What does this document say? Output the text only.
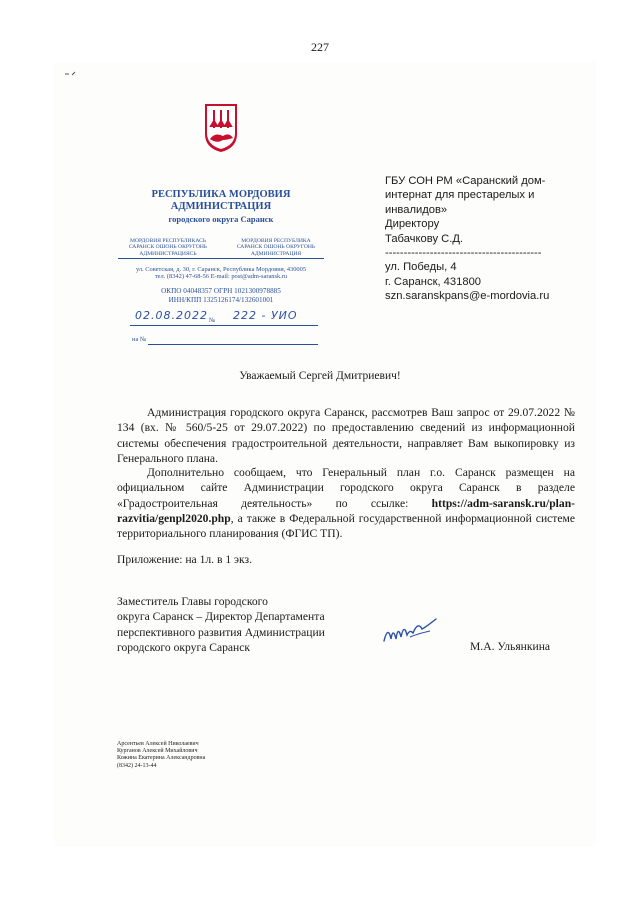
227
РЕСПУБЛИКА МОРДОВИЯ
АДМИНИСТРАЦИЯ
городского округа Саранск
МОРДОВИЯ РЕСПУБЛИКАСЬ
САРАНСК ОШОНЬ ОКРУГОНЬ
АДМИНИСТРАЦИЯСЬ
МОРДОВИЯ РЕСПУБЛИКА
САРАНСК ОШОНЬ ОКРУГОНЬ
АДМИНИСТРАЦИЯ
ул. Советская, д. 30, г. Саранск, Республика Мордовия, 430005
тел. (8342) 47-68-56 E-mail: post@adm-saransk.ru
ОКПО 04048357 ОГРН 1021300978885
ИНН/КПП 1325126174/132601001
02.08.2022 № 222 - УИО
на №
ГБУ СОН РМ «Саранский дом-
интернат для престарелых и
инвалидов»
Директору
Табачкову С.Д.
------------------------------------------
ул. Победы, 4
г. Саранск, 431800
szn.saranskpans@e-mordovia.ru
Уважаемый Сергей Дмитриевич!
Администрация городского округа Саранск, рассмотрев Ваш запрос от 29.07.2022 № 134 (вх. № 560/5-25 от 29.07.2022) по предоставлению сведений из информационной системы обеспечения градостроительной деятельности, направляет Вам выкопировку из Генерального плана.
Дополнительно сообщаем, что Генеральный план г.о. Саранск размещен на официальном сайте Администрации городского округа Саранск в разделе «Градостроительная деятельность» по ссылке: https://adm-saransk.ru/plan-razvitia/genpl2020.php, а также в Федеральной государственной информационной системе территориального планирования (ФГИС ТП).
Приложение: на 1л. в 1 экз.
Заместитель Главы городского
округа Саранск – Директор Департамента
перспективного развития Администрации
городского округа Саранск	М.А. Ульянкина
Арсентьев Алексей Николаевич
Курганов Алексей Михайлович
Кожина Екатерина Александровна
(8342) 24-13-44
